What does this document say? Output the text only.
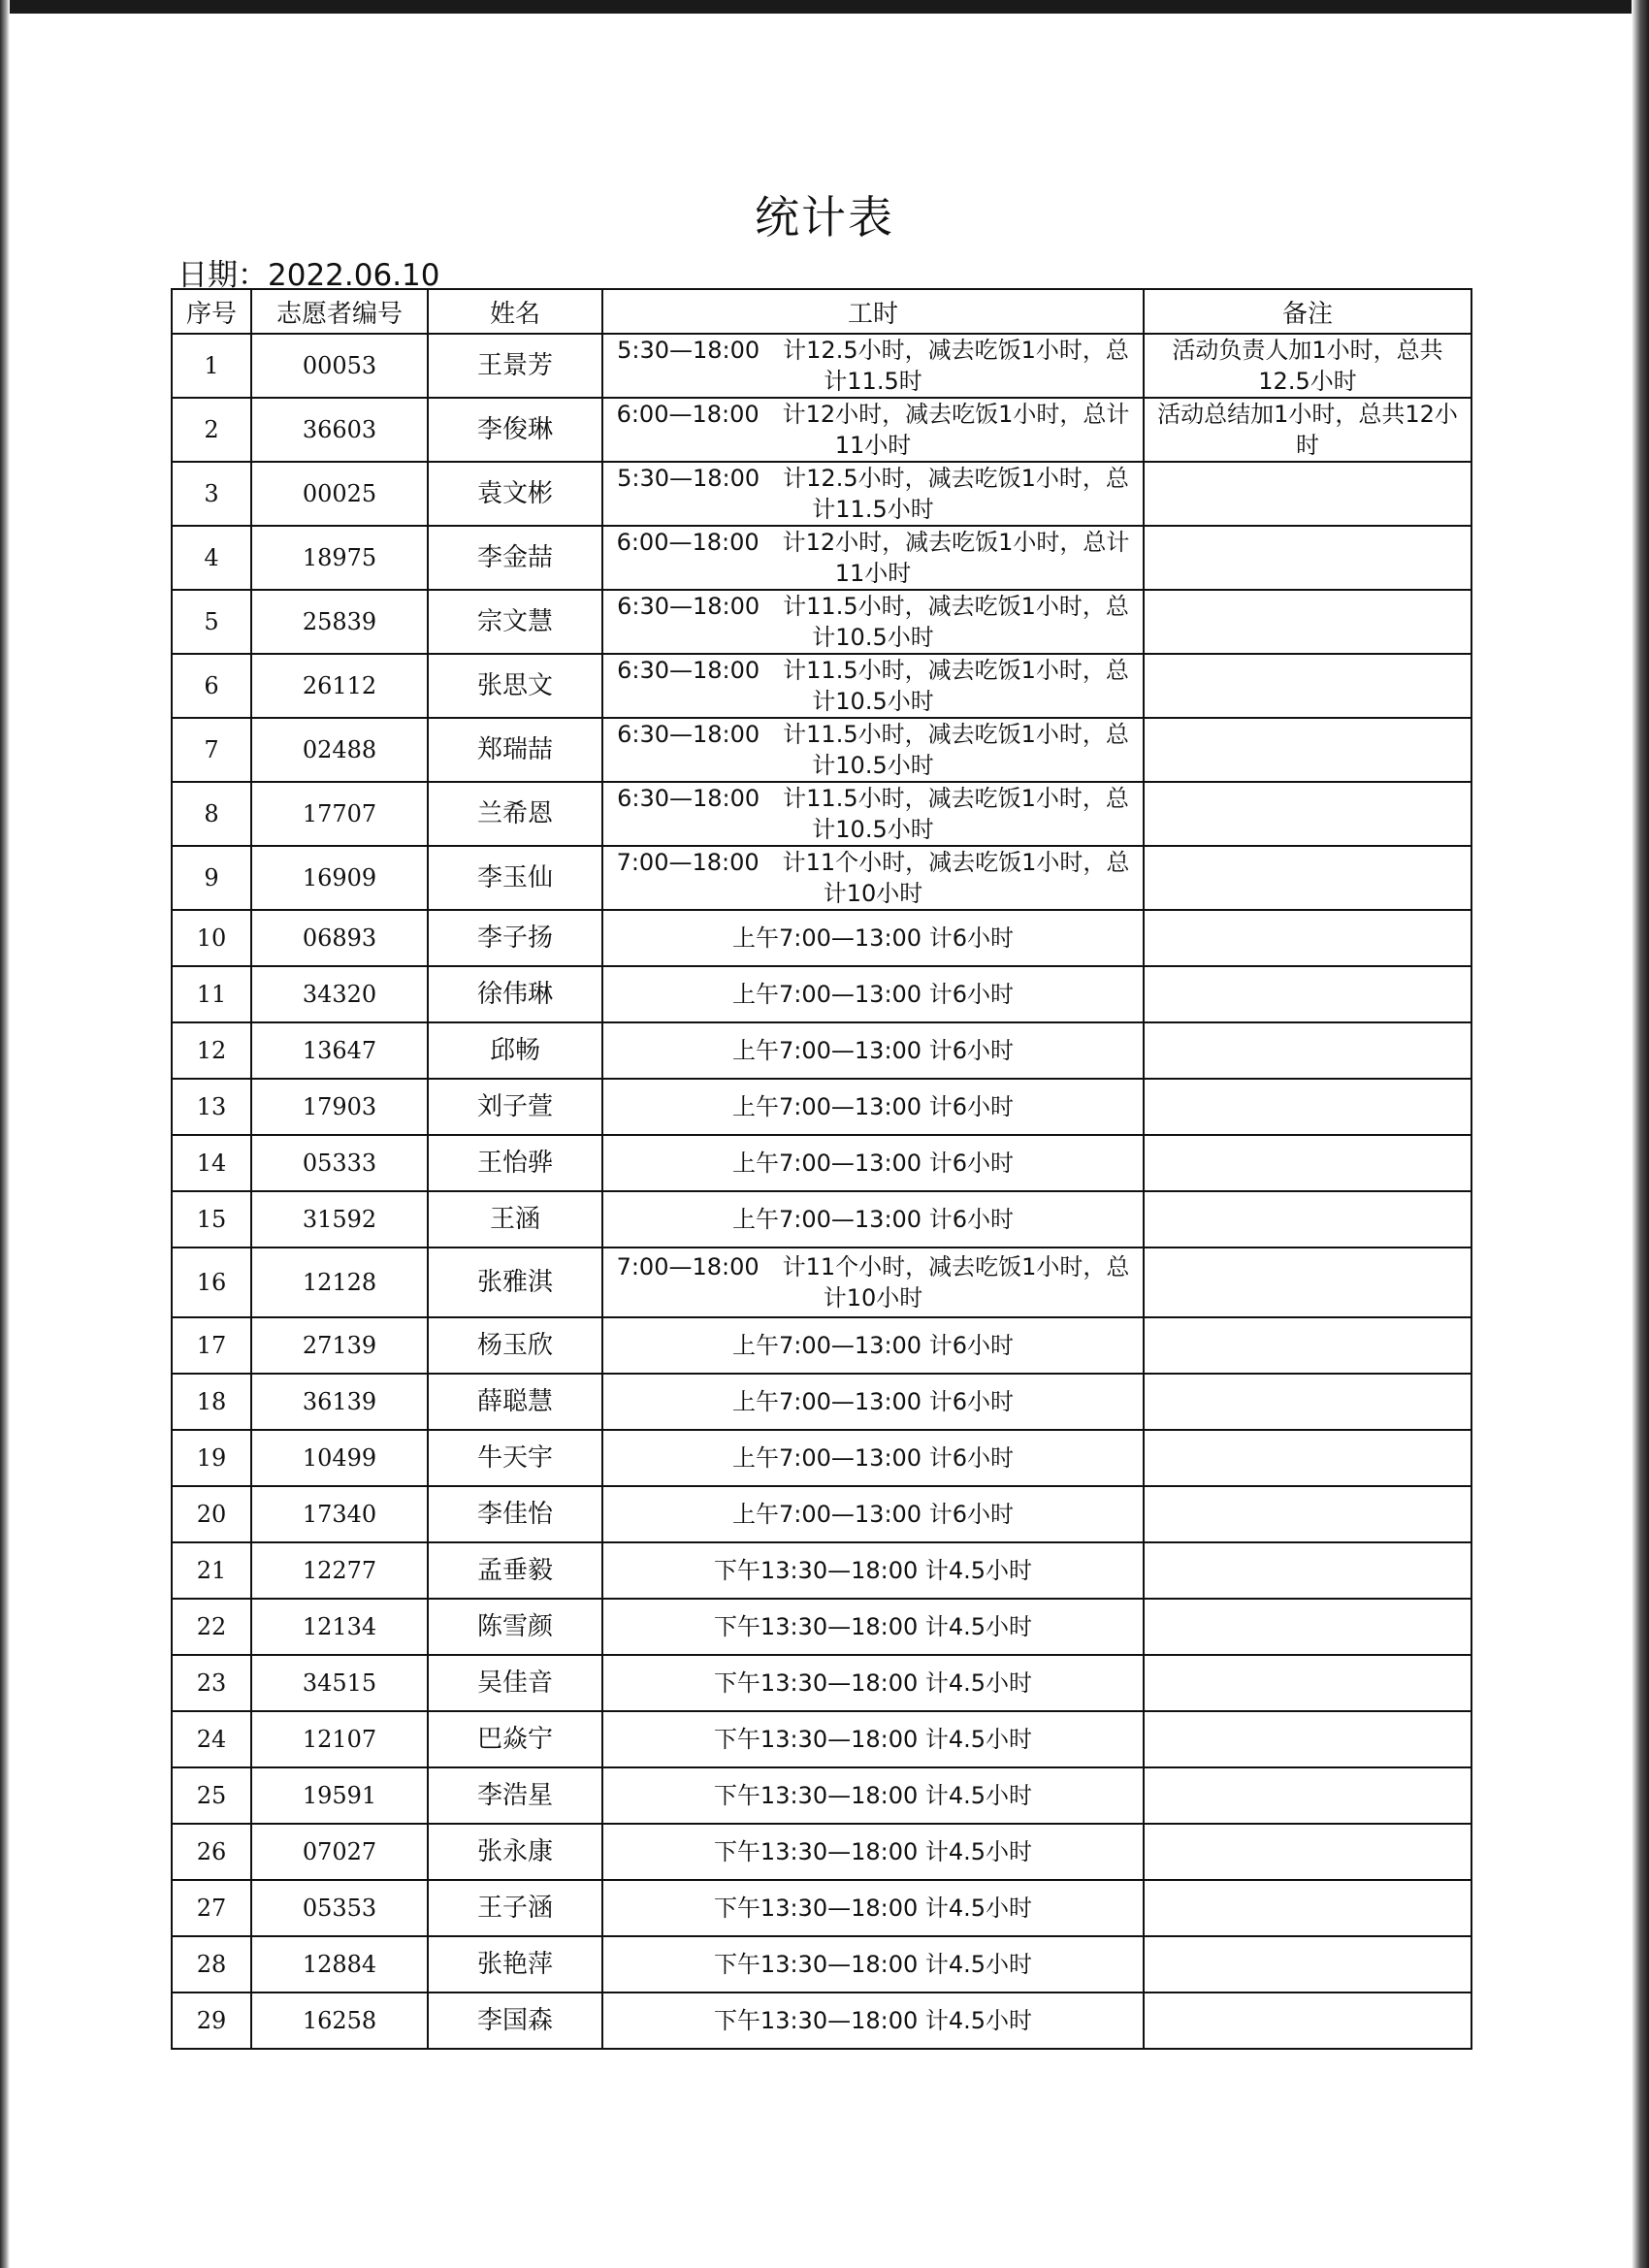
统计表
日期：2022.06.10
序号	志愿者编号	姓名	工时	备注
1	00053	王景芳	5:30—18:00　计12.5小时，减去吃饭1小时，总计11.5时	活动负责人加1小时，总共12.5小时
2	36603	李俊琳	6:00—18:00　计12小时，减去吃饭1小时，总计11小时	活动总结加1小时，总共12小时
3	00025	袁文彬	5:30—18:00　计12.5小时，减去吃饭1小时，总计11.5小时	
4	18975	李金喆	6:00—18:00　计12小时，减去吃饭1小时，总计11小时	
5	25839	宗文慧	6:30—18:00　计11.5小时，减去吃饭1小时，总计10.5小时	
6	26112	张思文	6:30—18:00　计11.5小时，减去吃饭1小时，总计10.5小时	
7	02488	郑瑞喆	6:30—18:00　计11.5小时，减去吃饭1小时，总计10.5小时	
8	17707	兰希恩	6:30—18:00　计11.5小时，减去吃饭1小时，总计10.5小时	
9	16909	李玉仙	7:00—18:00　计11个小时，减去吃饭1小时，总计10小时	
10	06893	李子扬	上午7:00—13:00 计6小时	
11	34320	徐伟琳	上午7:00—13:00 计6小时	
12	13647	邱畅	上午7:00—13:00 计6小时	
13	17903	刘子萱	上午7:00—13:00 计6小时	
14	05333	王怡骅	上午7:00—13:00 计6小时	
15	31592	王涵	上午7:00—13:00 计6小时	
16	12128	张雅淇	7:00—18:00　计11个小时，减去吃饭1小时，总计10小时	
17	27139	杨玉欣	上午7:00—13:00 计6小时	
18	36139	薛聪慧	上午7:00—13:00 计6小时	
19	10499	牛天宇	上午7:00—13:00 计6小时	
20	17340	李佳怡	上午7:00—13:00 计6小时	
21	12277	孟垂毅	下午13:30—18:00 计4.5小时	
22	12134	陈雪颜	下午13:30—18:00 计4.5小时	
23	34515	吴佳音	下午13:30—18:00 计4.5小时	
24	12107	巴焱宁	下午13:30—18:00 计4.5小时	
25	19591	李浩星	下午13:30—18:00 计4.5小时	
26	07027	张永康	下午13:30—18:00 计4.5小时	
27	05353	王子涵	下午13:30—18:00 计4.5小时	
28	12884	张艳萍	下午13:30—18:00 计4.5小时	
29	16258	李国森	下午13:30—18:00 计4.5小时	
